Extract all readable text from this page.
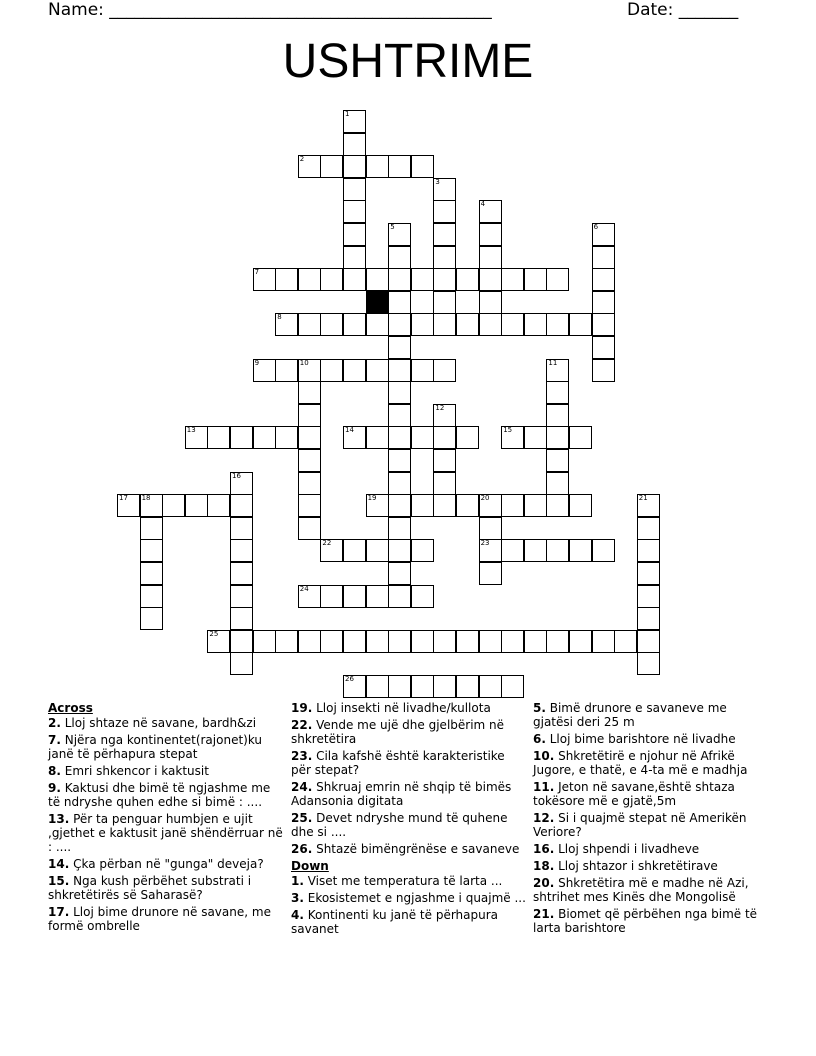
Name: _____________________________________________	Date: _______
USHTRIME
1
2
3
4
5	6
7
8
9	10	11
12
13	14	15
16
17 18	19	20
23
21
22
24
25
26
Across
2. Lloj shtaze në savane, bardh&zi
7. Njëra nga kontinentet(rajonet)ku janë të përhapura stepat
8. Emri shkencor i kaktusit
9. Kaktusi dhe bimë të ngjashme me të ndryshe quhen edhe si bimë : ....
13. Për ta penguar humbjen e ujit ,gjethet e kaktusit janë shëndërruar në : ....
14. Çka përban në "gunga" deveja?
15. Nga kush përbëhet substrati i shkretëtirës së Saharasë?
17. Lloj bime drunore në savane, me formë ombrelle
19. Lloj insekti në livadhe/kullota
22. Vende me ujë dhe gjelbërim në shkretëtira
23. Cila kafshë është karakteristike për stepat?
24. Shkruaj emrin në shqip të bimës Adansonia digitata
25. Devet ndryshe mund të quhene dhe si ....
26. Shtazë bimëngrënëse e savaneve
Down
1. Viset me temperatura të larta ...
3. Ekosistemet e ngjashme i quajmë ...
4. Kontinenti ku janë të përhapura savanet
5. Bimë drunore e savaneve me gjatësi deri 25 m
6. Lloj bime barishtore në livadhe
10. Shkretëtirë e njohur në Afrikë Jugore, e thatë, e 4-ta më e madhja
11. Jeton në savane,është shtaza tokësore më e gjatë,5m
12. Si i quajmë stepat në Amerikën Veriore?
16. Lloj shpendi i livadheve
18. Lloj shtazor i shkretëtirave
20. Shkretëtira më e madhe në Azi, shtrihet mes Kinës dhe Mongolisë
21. Biomet që përbëhen nga bimë të larta barishtore
